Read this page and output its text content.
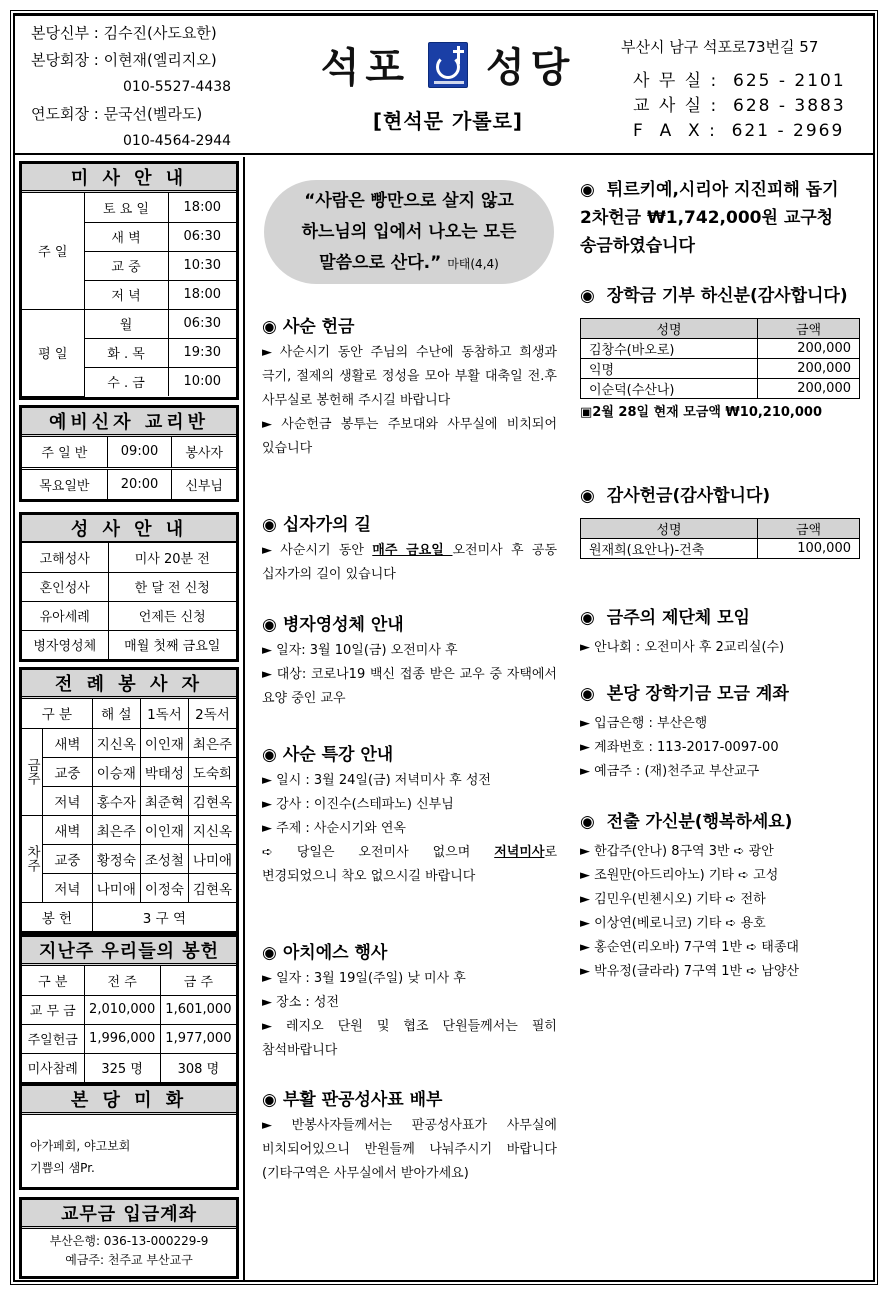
본당신부 : 김수진(사도요한)
본당회장 : 이현재(엘리지오)
010-5527-4438
연도회장 : 문국선(벨라도)
010-4564-2944
석포 성당
[현석문 가롤로]
부산시 남구 석포로73번길 57
사 무 실 :  625 - 2101
교 사 실 :  628 - 3883
F  A  X :  621 - 2969
미 사 안 내
주 일	토 요 일	18:00
	새 벽	06:30
	교 중	10:30
	저 녁	18:00
평 일	월	06:30
	화 . 목	19:30
	수 . 금	10:00
예비신자 교리반
주 일 반	09:00	봉사자
목요일반	20:00	신부님
성 사 안 내
고해성사	미사 20분 전
혼인성사	한 달 전 신청
유아세례	언제든 신청
병자영성체	매월 첫째 금요일
전 례 봉 사 자
구 분		해 설	1독서	2독서
금주	새벽	지신옥	이인재	최은주
	교중	이승재	박태성	도숙희
	저녁	홍수자	최준혁	김현옥
차주	새벽	최은주	이인재	지신옥
	교중	황정숙	조성철	나미애
	저녁	나미애	이정숙	김현옥
봉 헌		3 구 역		
지난주 우리들의 봉헌
구 분	전 주	금 주
교 무 금	2,010,000	1,601,000
주일헌금	1,996,000	1,977,000
미사참례	325 명	308 명
본 당 미 화
아가페회, 야고보회
기쁨의 샘Pr.
교무금 입금계좌
부산은행: 036-13-000229-9
예금주: 천주교 부산교구
“사람은 빵만으로 살지 않고
하느님의 입에서 나오는 모든
말씀으로 산다.” 마태(4,4)
◉ 사순 헌금

► 사순시기 동안 주님의 수난에 동참하고 희생과 극기, 절제의 생활로 정성을 모아 부활 대축일 전.후 사무실로 봉헌해 주시길 바랍니다

► 사순헌금 봉투는 주보대와 사무실에 비치되어 있습니다

◉ 십자가의 길

► 사순시기 동안 매주 금요일 오전미사 후 공동 십자가의 길이 있습니다

◉ 병자영성체 안내

► 일자: 3월 10일(금) 오전미사 후

► 대상: 코로나19 백신 접종 받은 교우 중 자택에서 요양 중인 교우

◉ 사순 특강 안내

► 일시 : 3월 24일(금) 저녁미사 후 성전

► 강사 : 이진수(스테파노) 신부님

► 주제 : 사순시기와 연옥

➪ 당일은 오전미사 없으며 저녁미사로 변경되었으니 착오 없으시길 바랍니다

◉ 아치에스 행사

► 일자 : 3월 19일(주일) 낮 미사 후

► 장소 : 성전

► 레지오 단원 및 협조 단원들께서는 필히 참석바랍니다

◉ 부활 판공성사표 배부

► 반봉사자들께서는 판공성사표가 사무실에 비치되어있으니 반원들께 나눠주시기 바랍니다(기타구역은 사무실에서 받아가세요)

◉ 튀르키예,시리아 지진피해 돕기 2차헌금 ₩1,742,000원 교구청 송금하였습니다
◉ 장학금 기부 하신분(감사합니다)
성명	금액
김창수(바오로)	200,000
익명	200,000
이순덕(수산나)	200,000
▣2월 28일 현재 모금액 ₩10,210,000
◉ 감사헌금(감사합니다)
성명	금액
원재희(요안나)-건축	100,000
◉ 금주의 제단체 모임

► 안나회 : 오전미사 후 2교리실(수)

◉ 본당 장학기금 모금 계좌

► 입금은행 : 부산은행

► 계좌번호 : 113-2017-0097-00

► 예금주 : (재)천주교 부산교구

◉ 전출 가신분(행복하세요)

► 한갑주(안나) 8구역 3반 ➪ 광안

► 조원만(아드리아노) 기타 ➪ 고성

► 김민우(빈첸시오) 기타 ➪ 전하

► 이상연(베로니코) 기타 ➪ 용호

► 홍순연(리오바) 7구역 1반 ➪ 태종대

► 박유정(글라라) 7구역 1반 ➪ 남양산
